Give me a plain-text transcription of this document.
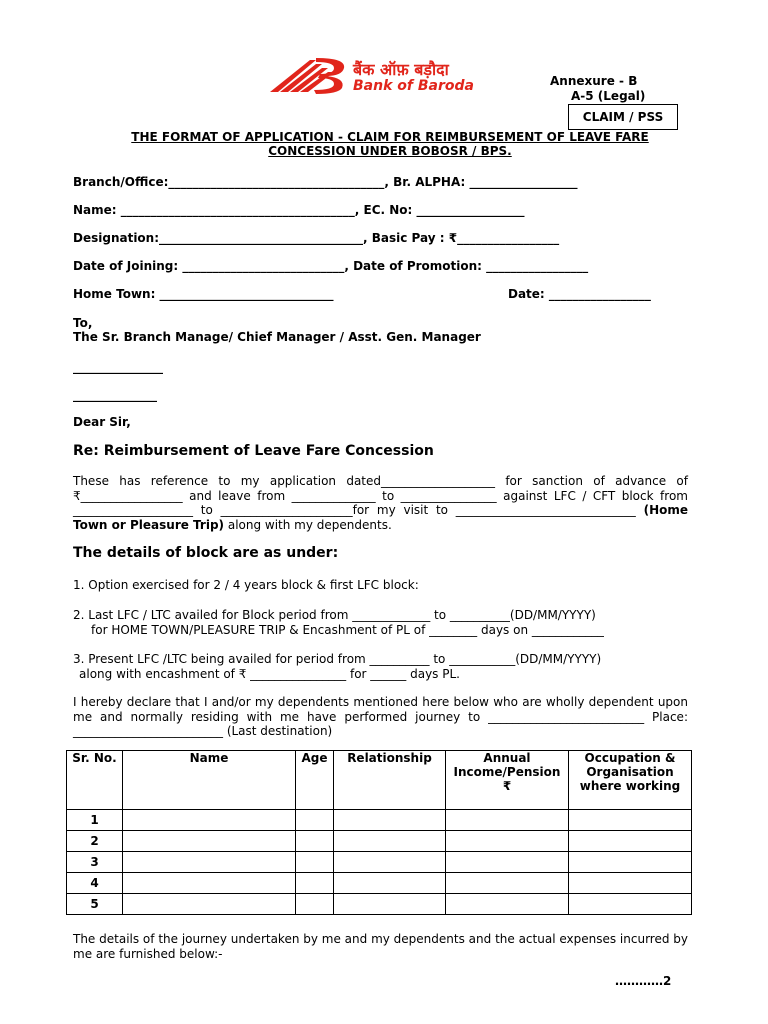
बैंक ऑफ़ बड़ौदा
Bank of Baroda	Annexure - B
A-5 (Legal)
CLAIM / PSS
THE FORMAT OF APPLICATION - CLAIM FOR REIMBURSEMENT OF LEAVE FARE
CONCESSION UNDER BOBOSR / BPS.
Branch/Office:____________________________________, Br. ALPHA: __________________
Name: _______________________________________, EC. No: __________________
Designation:__________________________________, Basic Pay : ₹_________________
Date of Joining: ___________________________, Date of Promotion: _________________
Home Town: _____________________________	Date: _________________
To,
The Sr. Branch Manage/ Chief Manager / Asst. Gen. Manager
_______________
______________
Dear Sir,
Re: Reimbursement of Leave Fare Concession
These has reference to my application dated___________________ for sanction of advance of ₹_________________ and leave from ______________ to ________________ against LFC / CFT block from ____________________ to ______________________for my visit to ______________________________ (Home Town or Pleasure Trip) along with my dependents.
The details of block are as under:
1. Option exercised for 2 / 4 years block & first LFC block:
2. Last LFC / LTC availed for Block period from _____________ to __________(DD/MM/YYYY)
for HOME TOWN/PLEASURE TRIP & Encashment of PL of ________ days on ____________
3. Present LFC /LTC being availed for period from __________ to ___________(DD/MM/YYYY)
along with encashment of ₹ ________________ for ______ days PL.
I hereby declare that I and/or my dependents mentioned here below who are wholly dependent upon me and normally residing with me have performed journey to __________________________ Place: _________________________ (Last destination)
Sr. No.	Name	Age	Relationship	Annual Income/Pension ₹	Occupation & Organisation where working
1					
2					
3					
4					
5					
The details of the journey undertaken by me and my dependents and the actual expenses incurred by me are furnished below:-
…………2
